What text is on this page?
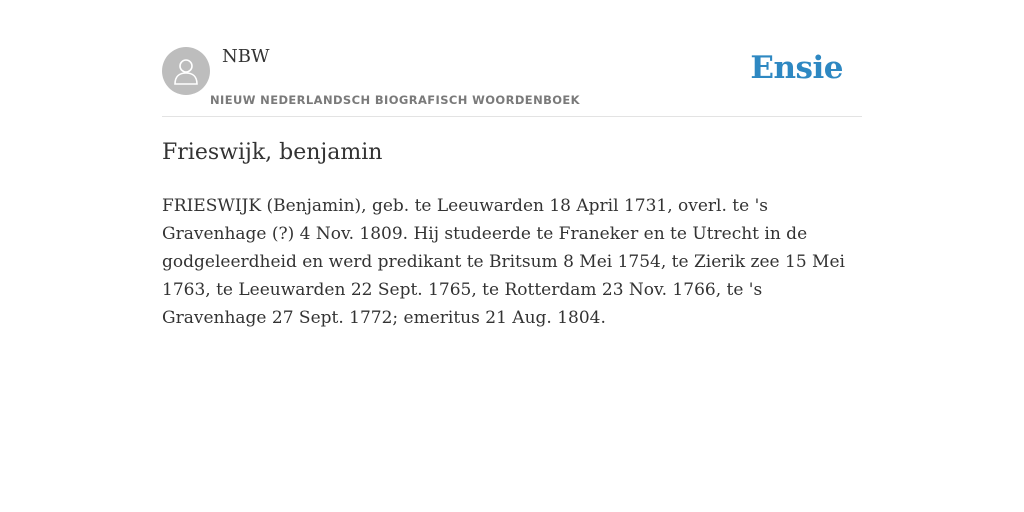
NBW
NIEUW NEDERLANDSCH BIOGRAFISCH WOORDENBOEK
Ensie
Frieswijk, benjamin

FRIESWIJK (Benjamin), geb. te Leeuwarden 18 April 1731, overl. te 's Gravenhage (?) 4 Nov. 1809. Hij studeerde te Franeker en te Utrecht in de godgeleerdheid en werd predikant te Britsum 8 Mei 1754, te Zierik zee 15 Mei 1763, te Leeuwarden 22 Sept. 1765, te Rotterdam 23 Nov. 1766, te 's Gravenhage 27 Sept. 1772; emeritus 21 Aug. 1804.
